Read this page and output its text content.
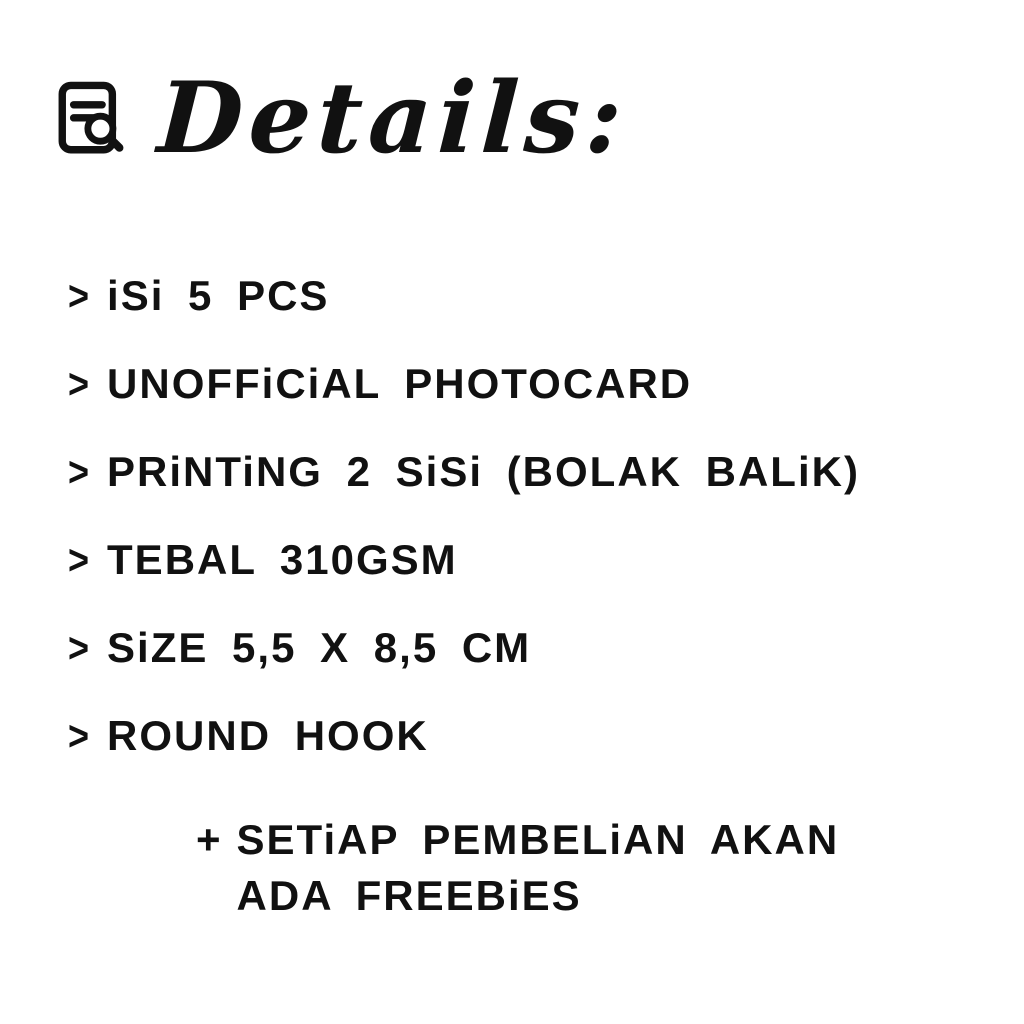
Details:
> iSi 5 PCS
> UNOFFiCiAL PHOTOCARD
> PRiNTiNG 2 SiSi (BOLAK BALiK)
> TEBAL 310GSM
> SiZE 5,5 X 8,5 CM
> ROUND HOOK
+ SETiAP PEMBELiAN AKAN
ADA FREEBiES
